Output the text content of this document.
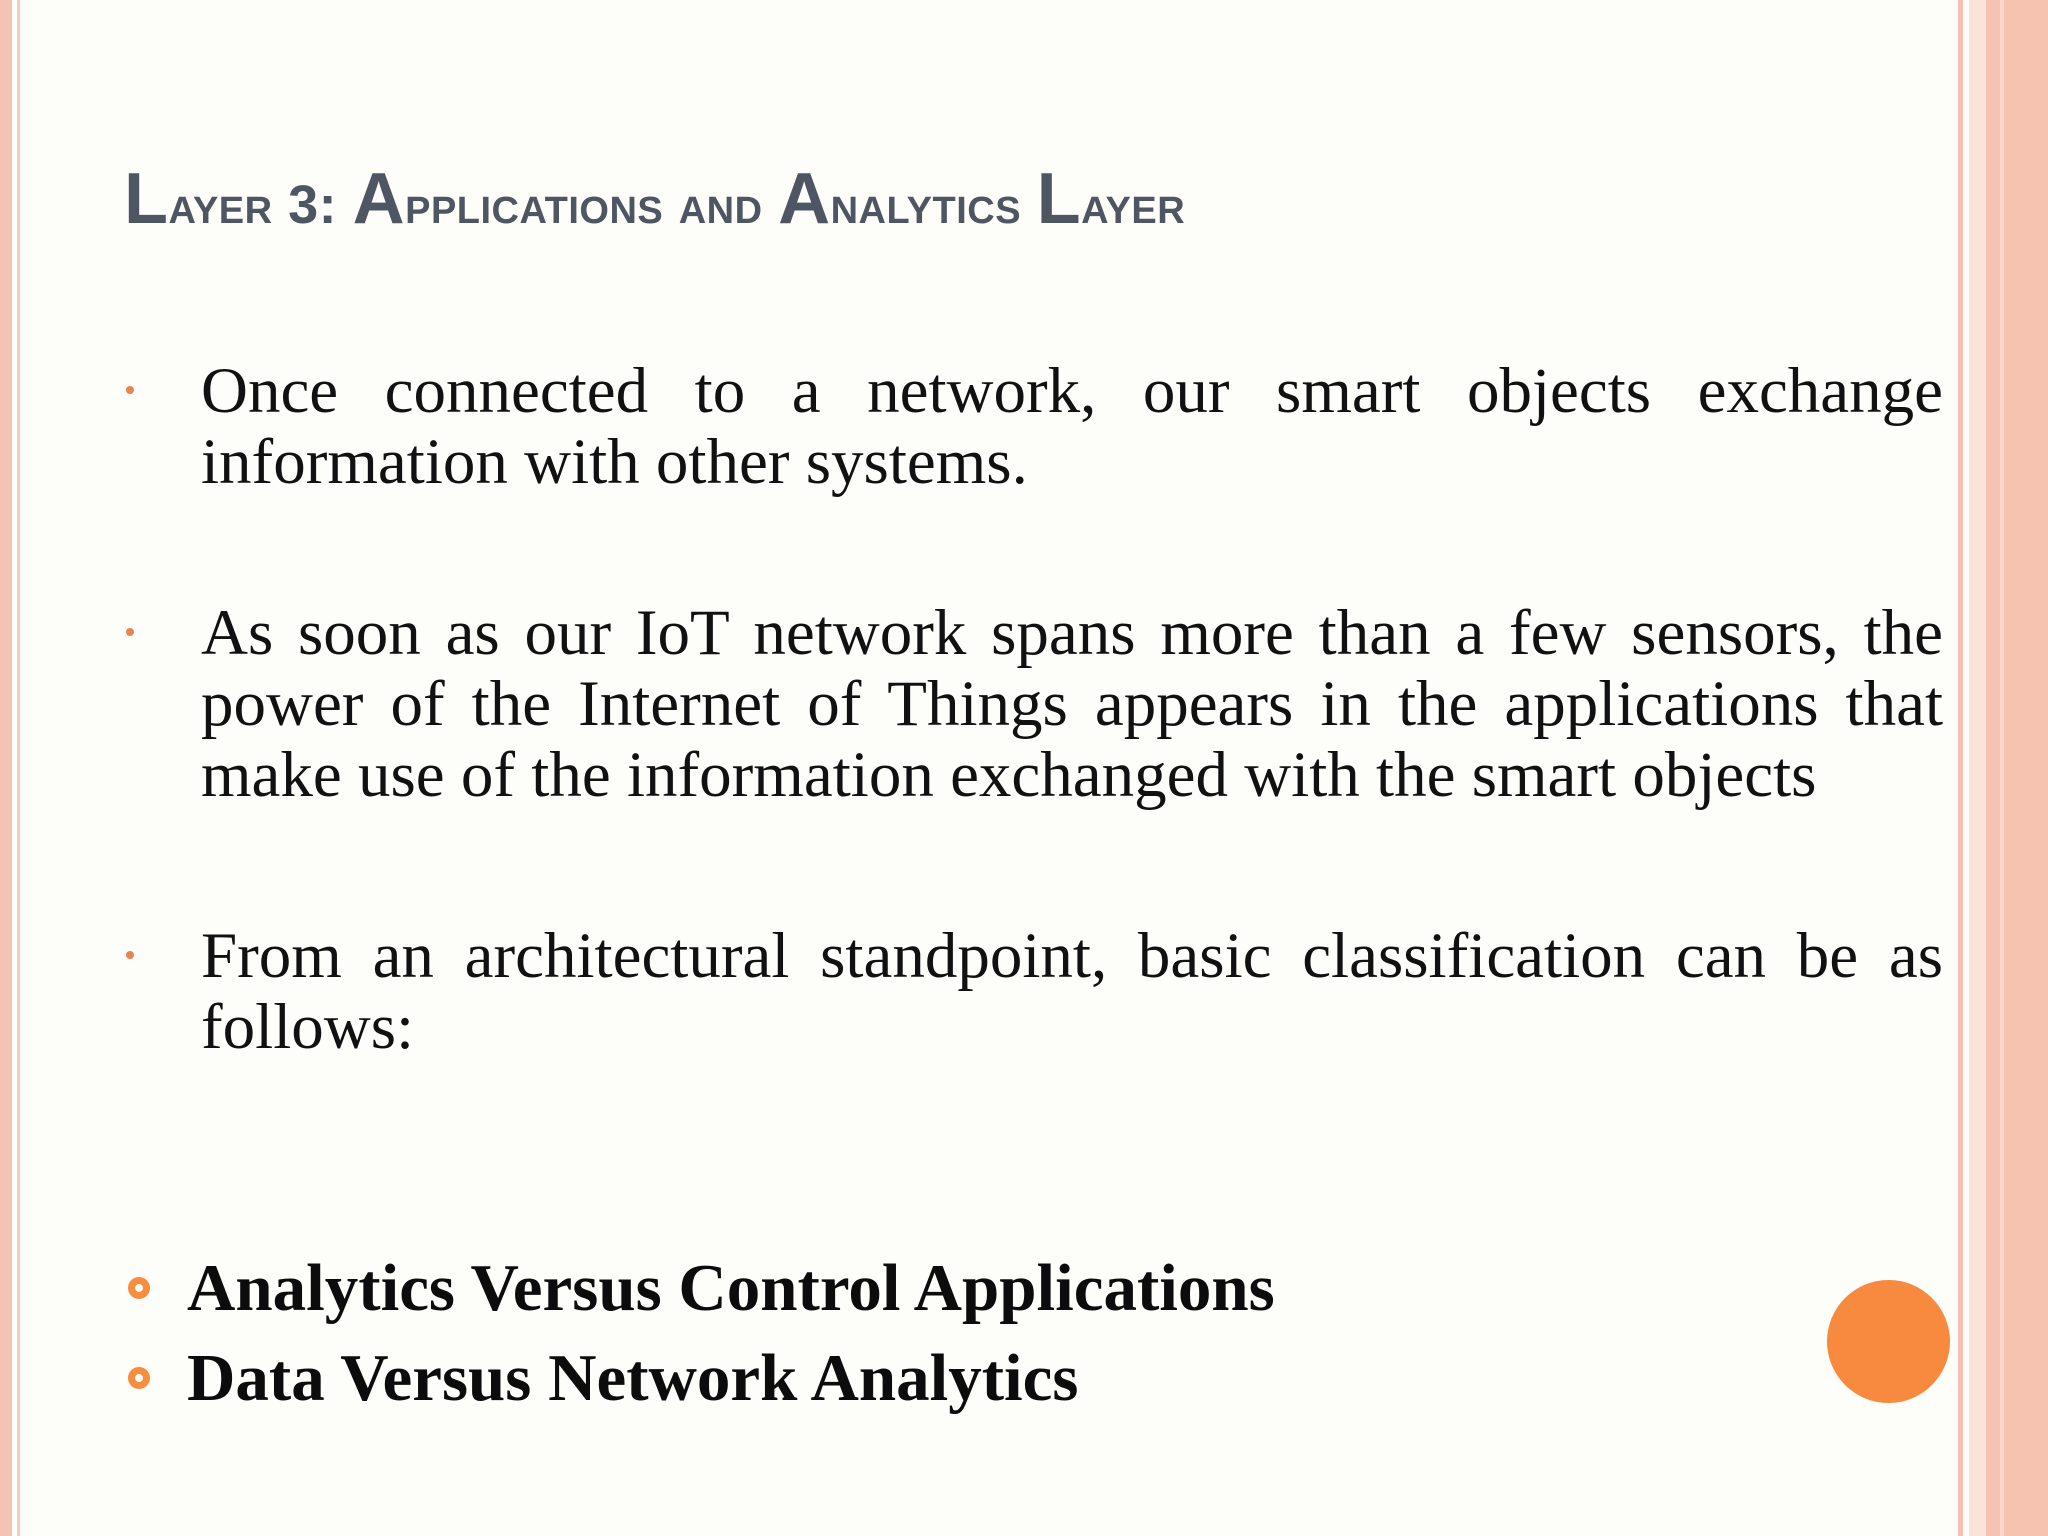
Layer 3: Applications and Analytics Layer
Once connected to a network, our smart objects exchange information with other systems.
As soon as our IoT network spans more than a few sensors, the power of the Internet of Things appears in the applications that make use of the information exchanged with the smart objects
From an architectural standpoint, basic classification can be as follows:
Analytics Versus Control Applications
Data Versus Network Analytics
